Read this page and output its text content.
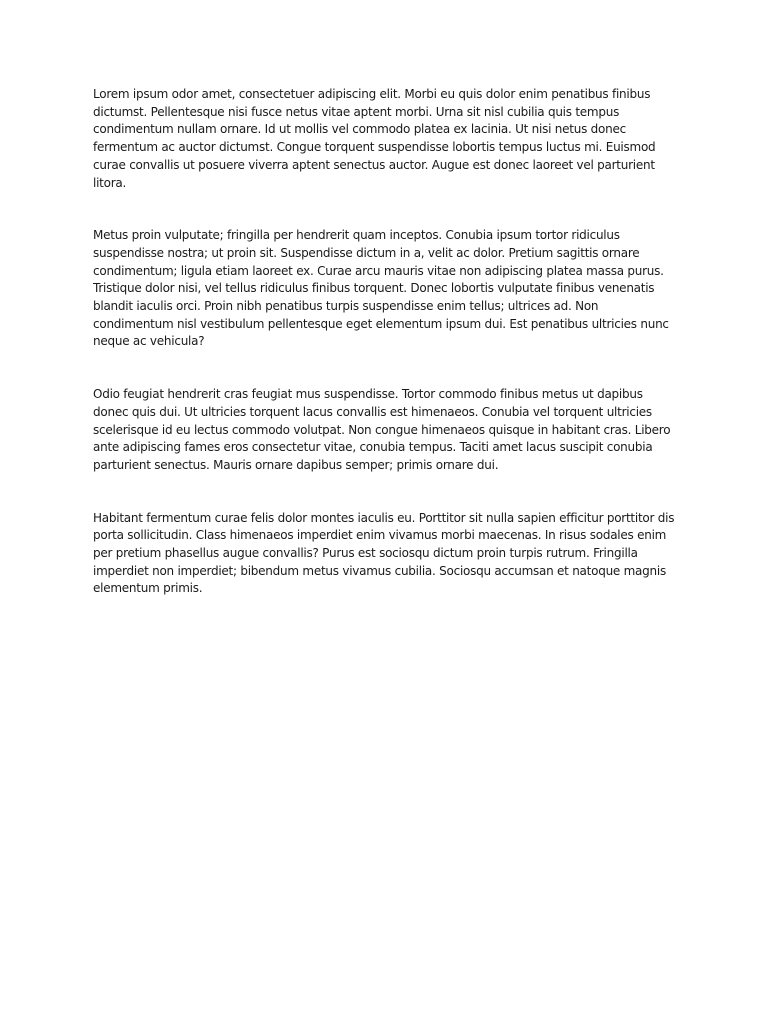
Lorem ipsum odor amet, consectetuer adipiscing elit. Morbi eu quis dolor enim penatibus finibus dictumst. Pellentesque nisi fusce netus vitae aptent morbi. Urna sit nisl cubilia quis tempus condimentum nullam ornare. Id ut mollis vel commodo platea ex lacinia. Ut nisi netus donec fermentum ac auctor dictumst. Congue torquent suspendisse lobortis tempus luctus mi. Euismod curae convallis ut posuere viverra aptent senectus auctor. Augue est donec laoreet vel parturient litora.

Metus proin vulputate; fringilla per hendrerit quam inceptos. Conubia ipsum tortor ridiculus suspendisse nostra; ut proin sit. Suspendisse dictum in a, velit ac dolor. Pretium sagittis ornare condimentum; ligula etiam laoreet ex. Curae arcu mauris vitae non adipiscing platea massa purus. Tristique dolor nisi, vel tellus ridiculus finibus torquent. Donec lobortis vulputate finibus venenatis blandit iaculis orci. Proin nibh penatibus turpis suspendisse enim tellus; ultrices ad. Non condimentum nisl vestibulum pellentesque eget elementum ipsum dui. Est penatibus ultricies nunc neque ac vehicula?

Odio feugiat hendrerit cras feugiat mus suspendisse. Tortor commodo finibus metus ut dapibus donec quis dui. Ut ultricies torquent lacus convallis est himenaeos. Conubia vel torquent ultricies scelerisque id eu lectus commodo volutpat. Non congue himenaeos quisque in habitant cras. Libero ante adipiscing fames eros consectetur vitae, conubia tempus. Taciti amet lacus suscipit conubia parturient senectus. Mauris ornare dapibus semper; primis ornare dui.

Habitant fermentum curae felis dolor montes iaculis eu. Porttitor sit nulla sapien efficitur porttitor dis porta sollicitudin. Class himenaeos imperdiet enim vivamus morbi maecenas. In risus sodales enim per pretium phasellus augue convallis? Purus est sociosqu dictum proin turpis rutrum. Fringilla imperdiet non imperdiet; bibendum metus vivamus cubilia. Sociosqu accumsan et natoque magnis elementum primis.
